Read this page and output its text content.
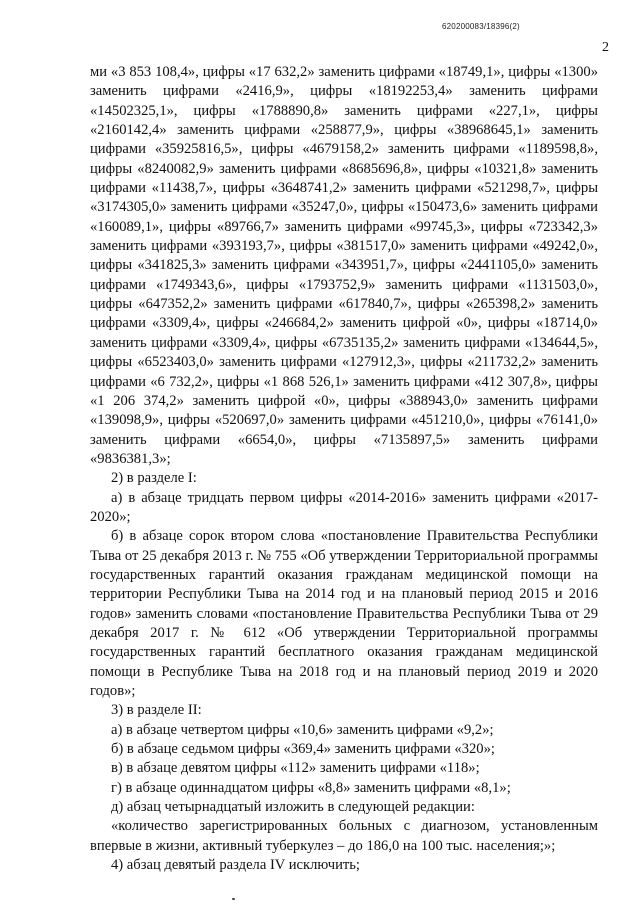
620200083/18396(2)
2

ми «3 853 108,4», цифры «17 632,2» заменить цифрами «18749,1», цифры «1300» заменить цифрами «2416,9», цифры «18192253,4» заменить цифрами «14502325,1», цифры «1788890,8» заменить цифрами «227,1», цифры «2160142,4» заменить цифрами «258877,9», цифры «38968645,1» заменить цифрами «35925816,5», цифры «4679158,2» заменить цифрами «1189598,8», цифры «8240082,9» заменить цифрами «8685696,8», цифры «10321,8» заменить цифрами «11438,7», цифры «3648741,2» заменить цифрами «521298,7», цифры «3174305,0» заменить цифрами «35247,0», цифры «150473,6» заменить цифрами «160089,1», цифры «89766,7» заменить цифрами «99745,3», цифры «723342,3» заменить цифрами «393193,7», цифры «381517,0» заменить цифрами «49242,0», цифры «341825,3» заменить цифрами «343951,7», цифры «2441105,0» заменить цифрами «1749343,6», цифры «1793752,9» заменить цифрами «1131503,0», цифры «647352,2» заменить цифрами «617840,7», цифры «265398,2» заменить цифрами «3309,4», цифры «246684,2» заменить цифрой «0», цифры «18714,0» заменить цифрами «3309,4», цифры «6735135,2» заменить цифрами «134644,5», цифры «6523403,0» заменить цифрами «127912,3», цифры «211732,2» заменить цифрами «6 732,2», цифры «1 868 526,1» заменить цифрами «412 307,8», цифры «1 206 374,2» заменить цифрой «0», цифры «388943,0» заменить цифрами «139098,9», цифры «520697,0» заменить цифрами «451210,0», цифры «76141,0» заменить цифрами «6654,0», цифры «7135897,5» заменить цифрами «9836381,3»;

2) в разделе I:

а) в абзаце тридцать первом цифры «2014-2016» заменить цифрами «2017-2020»;

б) в абзаце сорок втором слова «постановление Правительства Республики Тыва от 25 декабря 2013 г. № 755 «Об утверждении Территориальной программы государственных гарантий оказания гражданам медицинской помощи на территории Республики Тыва на 2014 год и на плановый период 2015 и 2016 годов» заменить словами «постановление Правительства Республики Тыва от 29 декабря 2017 г. № 612 «Об утверждении Территориальной программы государственных гарантий бесплатного оказания гражданам медицинской помощи в Республике Тыва на 2018 год и на плановый период 2019 и 2020 годов»;

3) в разделе II:

а) в абзаце четвертом цифры «10,6» заменить цифрами «9,2»;

б) в абзаце седьмом цифры «369,4» заменить цифрами «320»;

в) в абзаце девятом цифры «112» заменить цифрами «118»;

г) в абзаце одиннадцатом цифры «8,8» заменить цифрами «8,1»;

д) абзац четырнадцатый изложить в следующей редакции:

«количество зарегистрированных больных с диагнозом, установленным впервые в жизни, активный туберкулез – до 186,0 на 100 тыс. населения;»;

4) абзац девятый раздела IV исключить;
